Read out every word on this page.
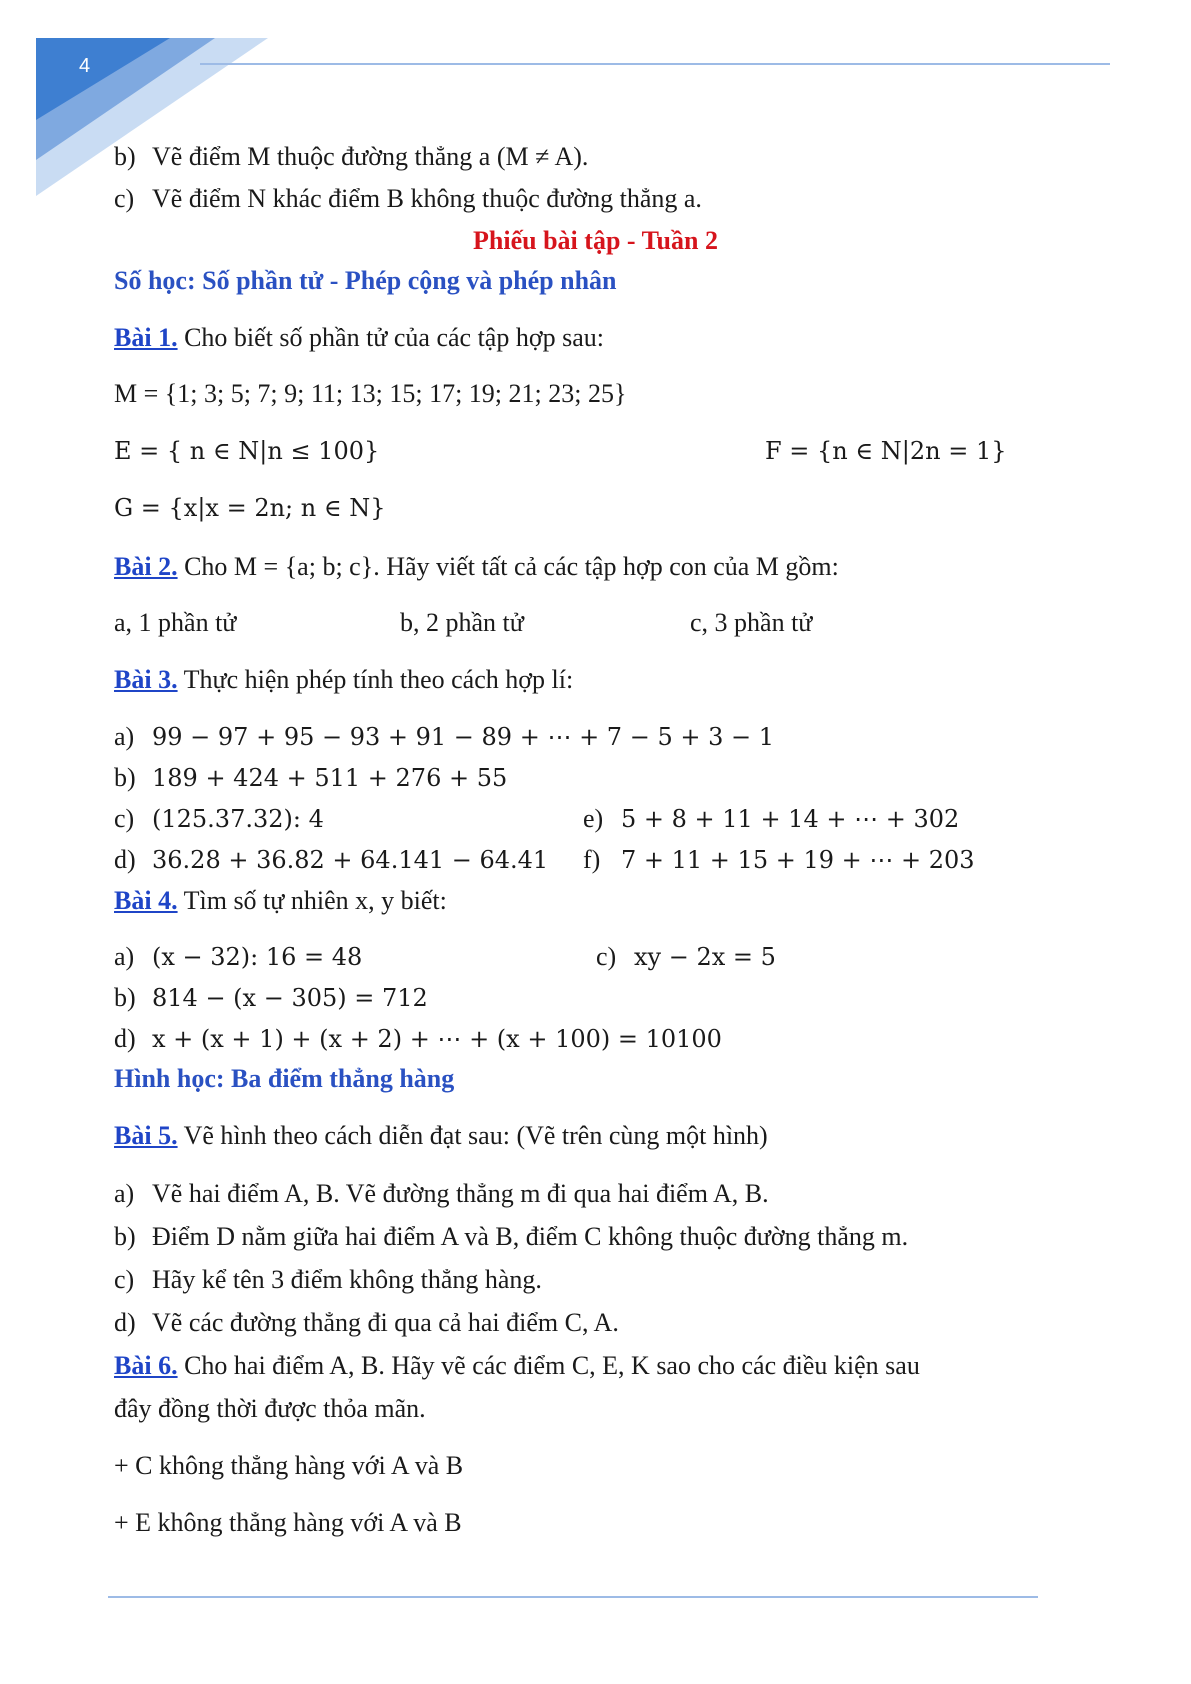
4
b) Vẽ điểm M thuộc đường thẳng a (M ≠ A).
c) Vẽ điểm N khác điểm B không thuộc đường thẳng a.
Phiếu bài tập - Tuần 2
Số học: Số phần tử - Phép cộng và phép nhân
Bài 1. Cho biết số phần tử của các tập hợp sau:
M = {1; 3; 5; 7; 9; 11; 13; 15; 17; 19; 21; 23; 25}
E = { n ∈ N|n ≤ 100}	F = {n ∈ N|2n = 1}
G = {x|x = 2n; n ∈ N}
Bài 2. Cho M = {a; b; c}. Hãy viết tất cả các tập hợp con của M gồm:
a, 1 phần tử	b, 2 phần tử	c, 3 phần tử
Bài 3. Thực hiện phép tính theo cách hợp lí:
a) 99 − 97 + 95 − 93 + 91 − 89 + ⋯ + 7 − 5 + 3 − 1
b) 189 + 424 + 511 + 276 + 55
c) (125.37.32): 4	e) 5 + 8 + 11 + 14 + ⋯ + 302
d) 36.28 + 36.82 + 64.141 − 64.41 f) 7 + 11 + 15 + 19 + ⋯ + 203
Bài 4. Tìm số tự nhiên x, y biết:
a) (x − 32): 16 = 48	c) xy − 2x = 5
b) 814 − (x − 305) = 712
d) x + (x + 1) + (x + 2) + ⋯ + (x + 100) = 10100
Hình học: Ba điểm thẳng hàng
Bài 5. Vẽ hình theo cách diễn đạt sau: (Vẽ trên cùng một hình)
a) Vẽ hai điểm A, B. Vẽ đường thẳng m đi qua hai điểm A, B.
b) Điểm D nằm giữa hai điểm A và B, điểm C không thuộc đường thẳng m.
c) Hãy kể tên 3 điểm không thẳng hàng.
d) Vẽ các đường thẳng đi qua cả hai điểm C, A.
Bài 6. Cho hai điểm A, B. Hãy vẽ các điểm C, E, K sao cho các điều kiện sau
đây đồng thời được thỏa mãn.
+ C không thẳng hàng với A và B
+ E không thẳng hàng với A và B
